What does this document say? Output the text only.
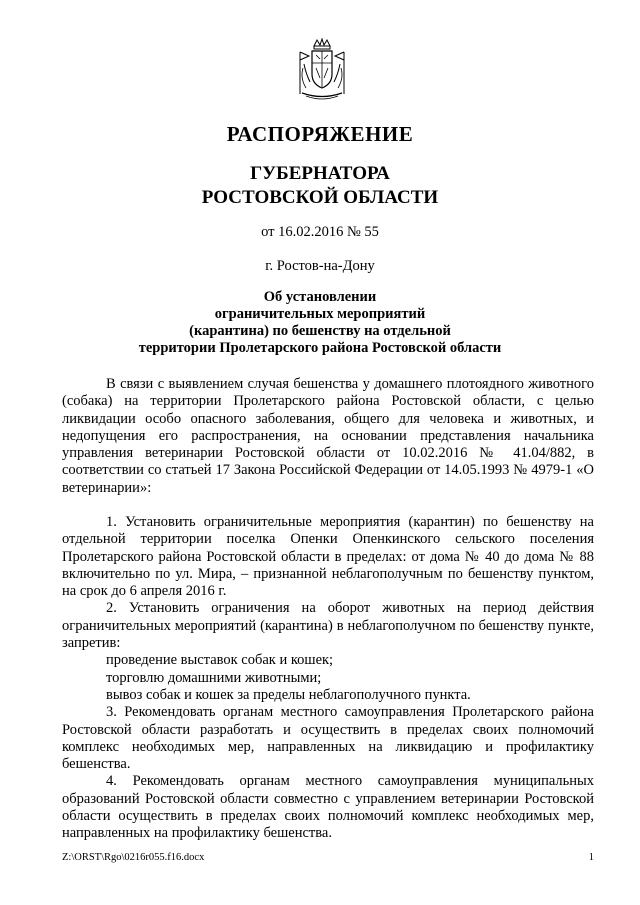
РАСПОРЯЖЕНИЕ
ГУБЕРНАТОРА
РОСТОВСКОЙ ОБЛАСТИ
от 16.02.2016 № 55
г. Ростов-на-Дону
Об установлении
ограничительных мероприятий
(карантина) по бешенству на отдельной
территории Пролетарского района Ростовской области

В связи с выявлением случая бешенства у домашнего плотоядного животного (собака) на территории Пролетарского района Ростовской области, с целью ликвидации особо опасного заболевания, общего для человека и животных, и недопущения его распространения, на основании представления начальника управления ветеринарии Ростовской области от 10.02.2016 № 41.04/882, в соответствии со статьей 17 Закона Российской Федерации от 14.05.1993 № 4979-1 «О ветеринарии»:

1. Установить ограничительные мероприятия (карантин) по бешенству на отдельной территории поселка Опенки Опенкинского сельского поселения Пролетарского района Ростовской области в пределах: от дома № 40 до дома № 88 включительно по ул. Мира, – признанной неблагополучным по бешенству пунктом, на срок до 6 апреля 2016 г.

2. Установить ограничения на оборот животных на период действия ограничительных мероприятий (карантина) в неблагополучном по бешенству пункте, запретив:

проведение выставок собак и кошек;

торговлю домашними животными;

вывоз собак и кошек за пределы неблагополучного пункта.

3. Рекомендовать органам местного самоуправления Пролетарского района Ростовской области разработать и осуществить в пределах своих полномочий комплекс необходимых мер, направленных на ликвидацию и профилактику бешенства.

4. Рекомендовать органам местного самоуправления муниципальных образований Ростовской области совместно с управлением ветеринарии Ростовской области осуществить в пределах своих полномочий комплекс необходимых мер, направленных на профилактику бешенства.

Z:\ORST\Rgo\0216r055.f16.docx	1
